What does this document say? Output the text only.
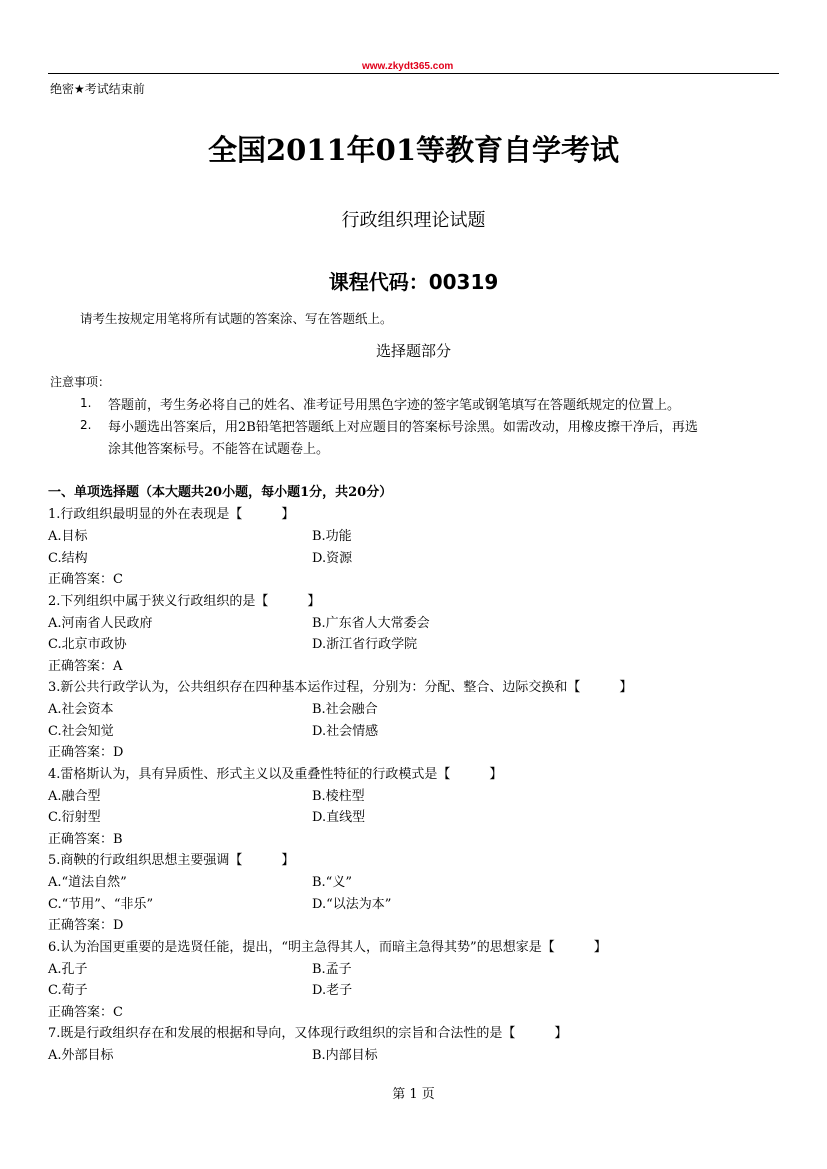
www.zkydt365.com
绝密★考试结束前
全国2011年01等教育自学考试
行政组织理论试题
课程代码：00319
请考生按规定用笔将所有试题的答案涂、写在答题纸上。
选择题部分
注意事项：
1. 答题前，考生务必将自己的姓名、准考证号用黑色字迹的签字笔或钢笔填写在答题纸规定的位置上。
2. 每小题选出答案后，用2B铅笔把答题纸上对应题目的答案标号涂黑。如需改动，用橡皮擦干净后，再选
涂其他答案标号。不能答在试题卷上。
一、单项选择题（本大题共20小题，每小题1分，共20分）
1.行政组织最明显的外在表现是【　　　】
A.目标	B.功能
C.结构	D.资源
正确答案：C
2.下列组织中属于狭义行政组织的是【　　　】
A.河南省人民政府	B.广东省人大常委会
C.北京市政协	D.浙江省行政学院
正确答案：A
3.新公共行政学认为，公共组织存在四种基本运作过程，分别为：分配、整合、边际交换和【　　　】
A.社会资本	B.社会融合
C.社会知觉	D.社会情感
正确答案：D
4.雷格斯认为，具有异质性、形式主义以及重叠性特征的行政模式是【　　　】
A.融合型	B.棱柱型
C.衍射型	D.直线型
正确答案：B
5.商鞅的行政组织思想主要强调【　　　】
A.“道法自然”	B.“义”
C.“节用”、“非乐”	D.“以法为本”
正确答案：D
6.认为治国更重要的是选贤任能，提出，“明主急得其人，而暗主急得其势”的思想家是【　　　】
A.孔子	B.孟子
C.荀子	D.老子
正确答案：C
7.既是行政组织存在和发展的根据和导向，又体现行政组织的宗旨和合法性的是【　　　】
A.外部目标	B.内部目标
第 1 页
